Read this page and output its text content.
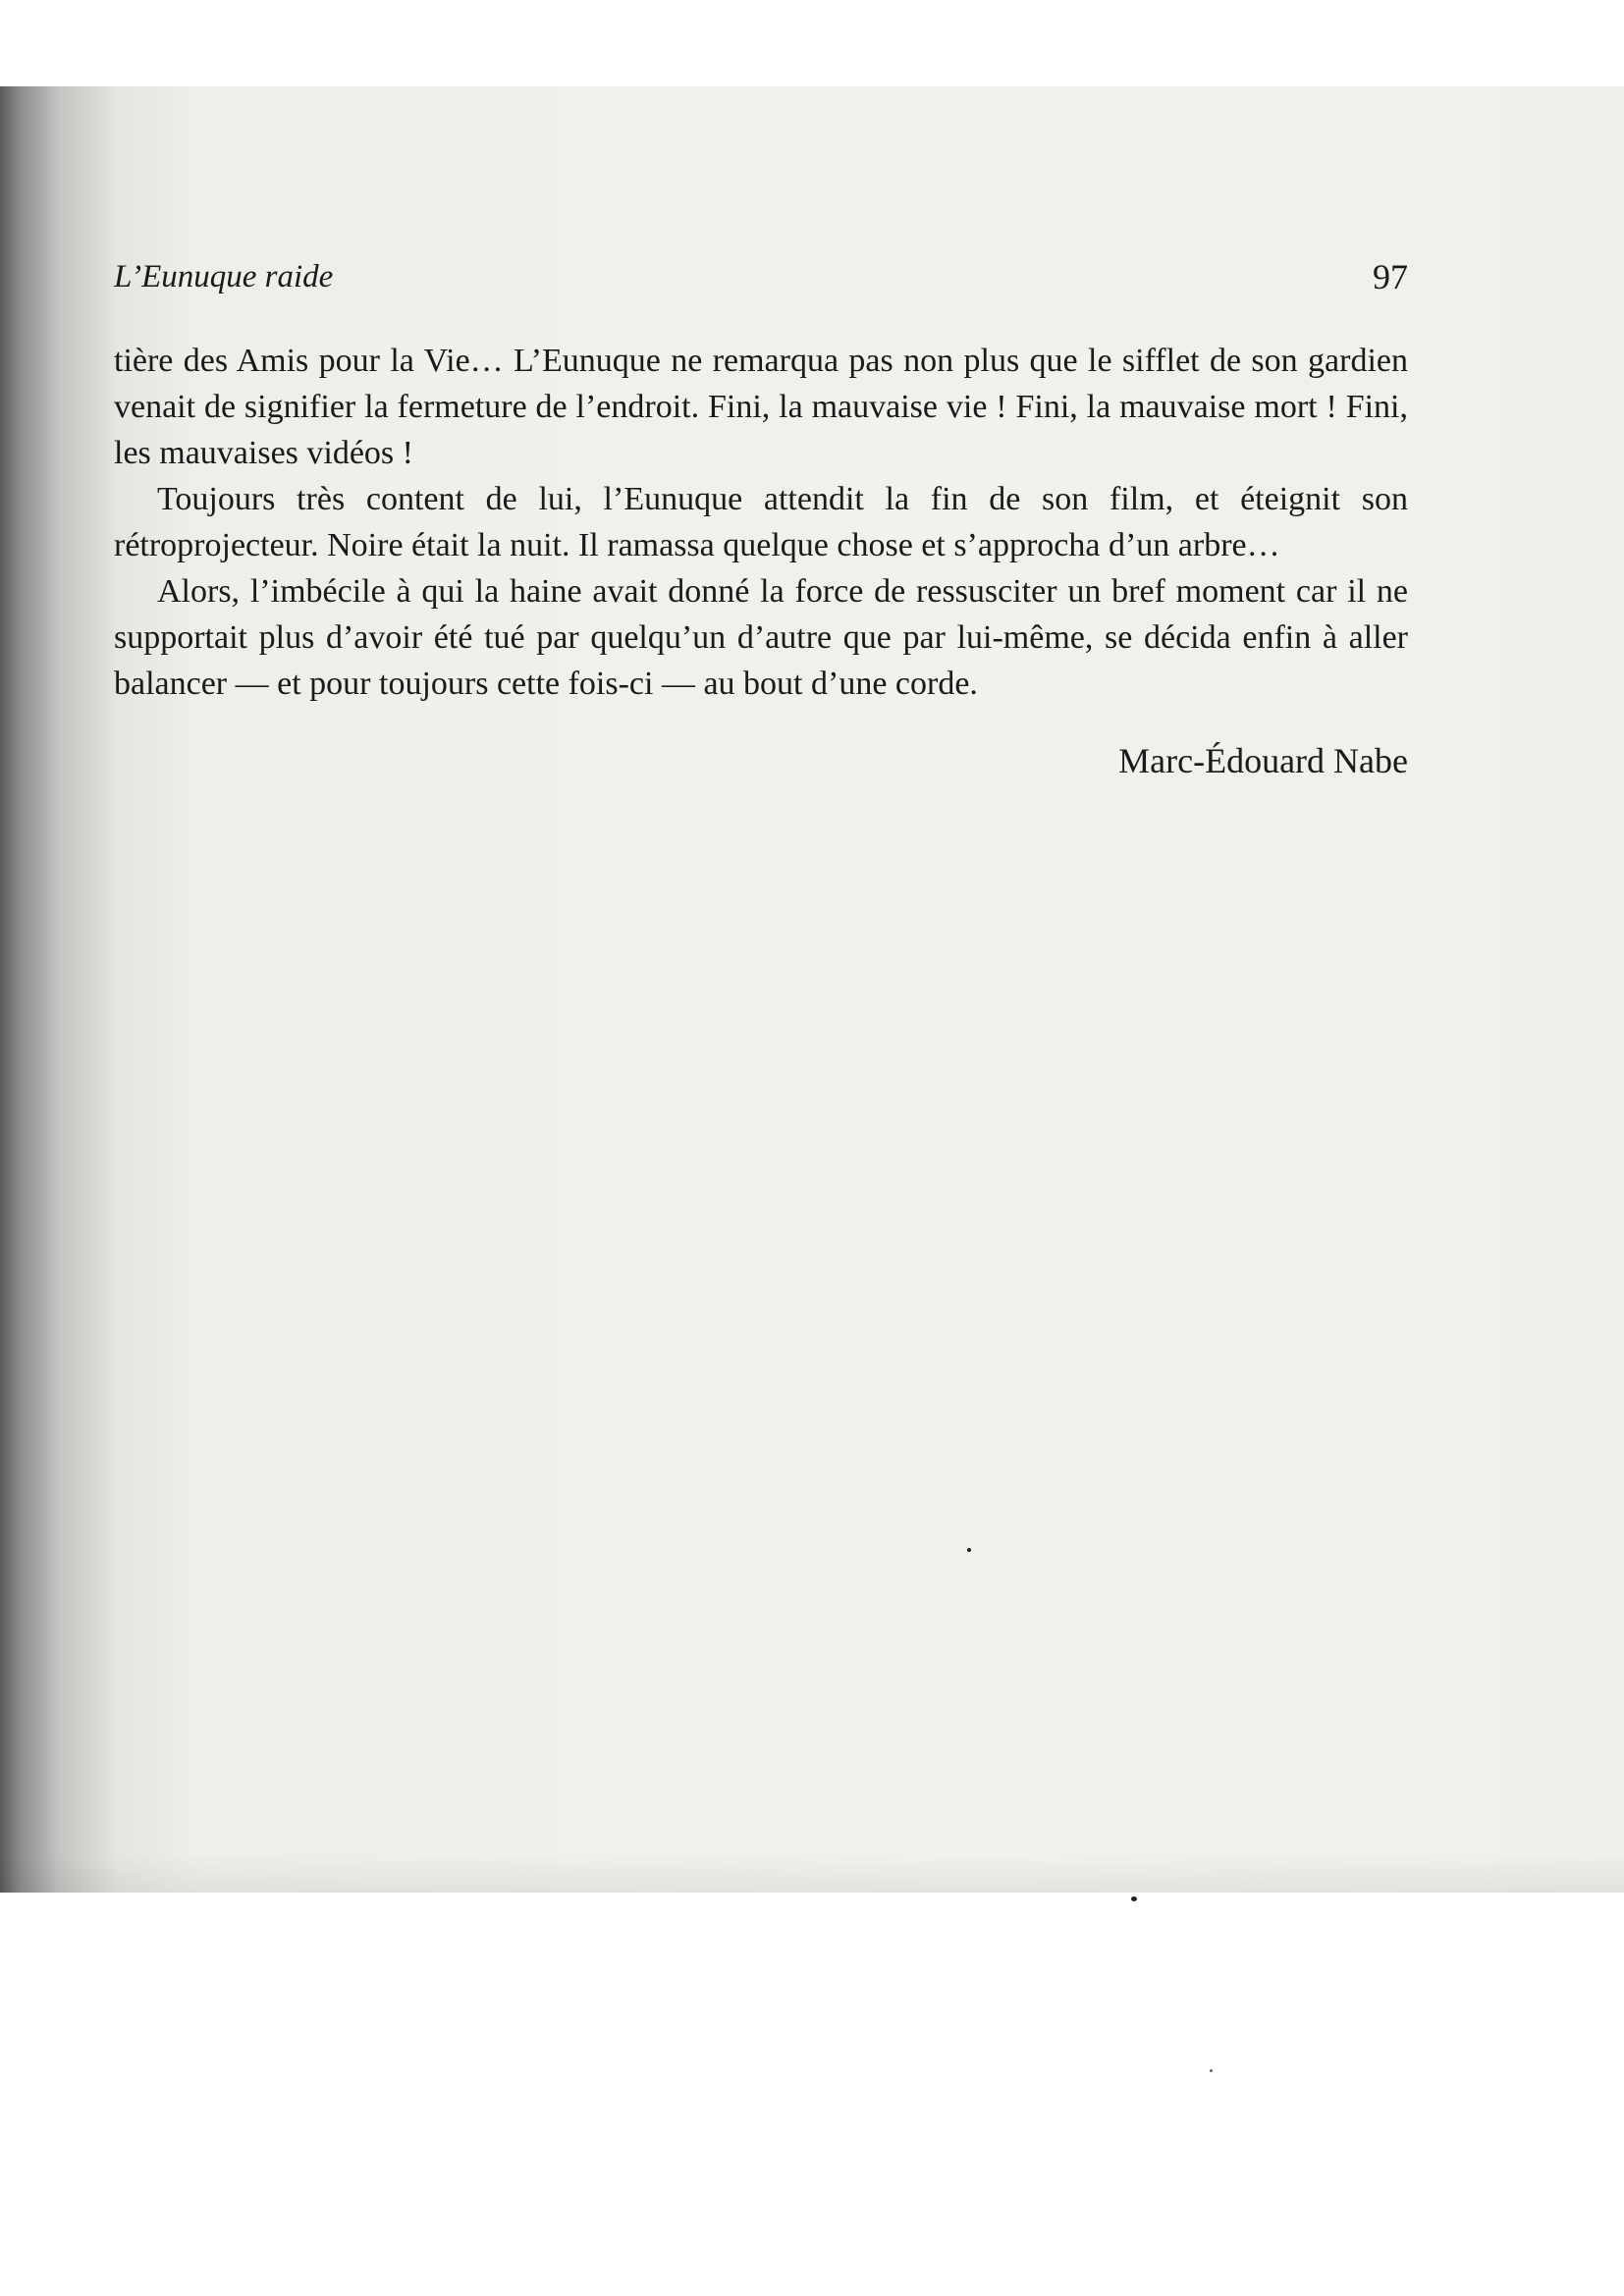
L’Eunuque raide	97

tière des Amis pour la Vie… L’Eunuque ne remarqua pas non plus que le sifflet de son gardien venait de signifier la fermeture de l’endroit. Fini, la mauvaise vie ! Fini, la mauvaise mort ! Fini, les mauvaises vidéos !

Toujours très content de lui, l’Eunuque attendit la fin de son film, et éteignit son rétroprojecteur. Noire était la nuit. Il ramassa quelque chose et s’approcha d’un arbre…

Alors, l’imbécile à qui la haine avait donné la force de ressusciter un bref moment car il ne supportait plus d’avoir été tué par quelqu’un d’autre que par lui-même, se décida enfin à aller balancer — et pour toujours cette fois-ci — au bout d’une corde.

Marc-Édouard Nabe
